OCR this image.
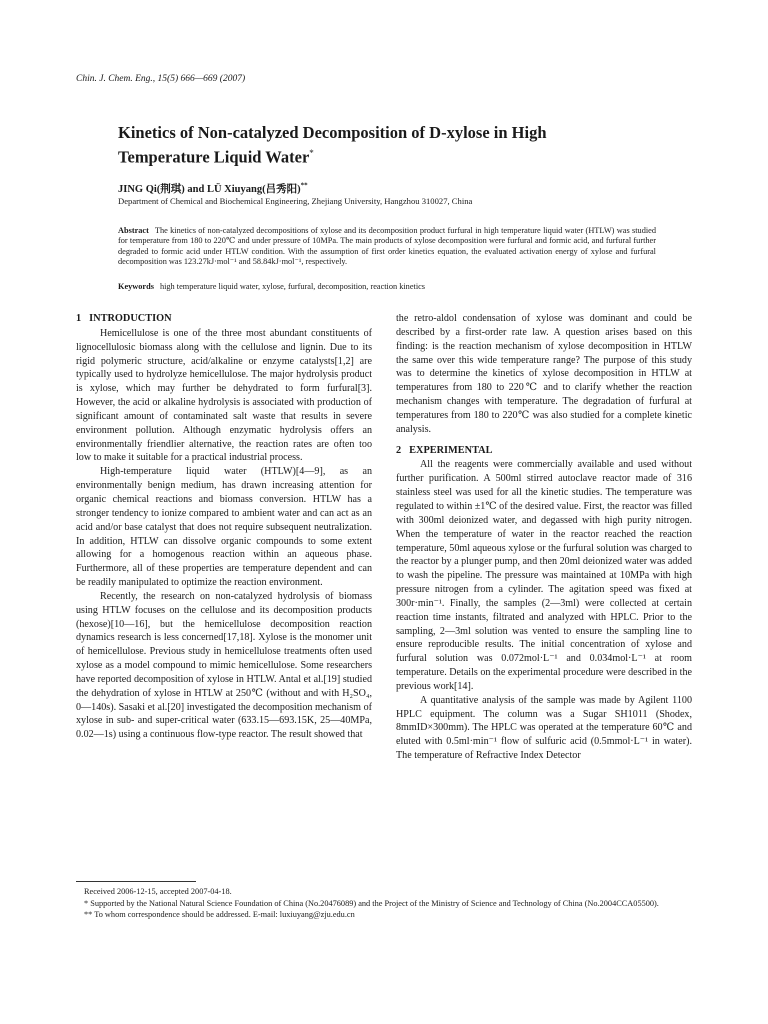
Chin. J. Chem. Eng., 15(5) 666—669 (2007)
Kinetics of Non-catalyzed Decomposition of D-xylose in High Temperature Liquid Water*
JING Qi(荆琪) and LÜ Xiuyang(吕秀阳)**
Department of Chemical and Biochemical Engineering, Zhejiang University, Hangzhou 310027, China

Abstract The kinetics of non-catalyzed decompositions of xylose and its decomposition product furfural in high temperature liquid water (HTLW) was studied for temperature from 180 to 220℃ and under pressure of 10MPa. The main products of xylose decomposition were furfural and formic acid, and furfural further degraded to formic acid under HTLW condition. With the assumption of first order kinetics equation, the evaluated activation energy of xylose and furfural decomposition was 123.27kJ·mol⁻¹ and 58.84kJ·mol⁻¹, respectively.

Keywords high temperature liquid water, xylose, furfural, decomposition, reaction kinetics

1 INTRODUCTION

Hemicellulose is one of the three most abundant constituents of lignocellulosic biomass along with the cellulose and lignin. Due to its rigid polymeric structure, acid/alkaline or enzyme catalysts[1,2] are typically used to hydrolyze hemicellulose. The major hydrolysis product is xylose, which may further be dehydrated to form furfural[3]. However, the acid or alkaline hydrolysis is associated with production of significant amount of contaminated salt waste that results in severe environment pollution. Although enzymatic hydrolysis offers an environmentally friendlier alternative, the reaction rates are often too low to make it suitable for a practical industrial process.

High-temperature liquid water (HTLW)[4—9], as an environmentally benign medium, has drawn increasing attention for organic chemical reactions and biomass conversion. HTLW has a stronger tendency to ionize compared to ambient water and can act as an acid and/or base catalyst that does not require subsequent neutralization. In addition, HTLW can dissolve organic compounds to some extent allowing for a homogenous reaction within an aqueous phase. Furthermore, all of these properties are temperature dependent and can be readily manipulated to optimize the reaction environment.

Recently, the research on non-catalyzed hydrolysis of biomass using HTLW focuses on the cellulose and its decomposition products (hexose)[10—16], but the hemicellulose decomposition reaction dynamics research is less concerned[17,18]. Xylose is the monomer unit of hemicellulose. Previous study in hemicellulose treatments often used xylose as a model compound to mimic hemicellulose. Some researchers have reported decomposition of xylose in HTLW. Antal et al.[19] studied the dehydration of xylose in HTLW at 250℃ (without and with H₂SO₄, 0—140s). Sasaki et al.[20] investigated the decomposition mechanism of xylose in sub- and super-critical water (633.15—693.15K, 25—40MPa, 0.02—1s) using a continuous flow-type reactor. The result showed that

the retro-aldol condensation of xylose was dominant and could be described by a first-order rate law. A question arises based on this finding: is the reaction mechanism of xylose decomposition in HTLW the same over this wide temperature range? The purpose of this study was to determine the kinetics of xylose decomposition in HTLW at temperatures from 180 to 220℃ and to clarify whether the reaction mechanism changes with temperature. The degradation of furfural at temperatures from 180 to 220℃ was also studied for a complete kinetic analysis.

2 EXPERIMENTAL

All the reagents were commercially available and used without further purification. A 500ml stirred autoclave reactor made of 316 stainless steel was used for all the kinetic studies. The temperature was regulated to within ±1℃ of the desired value. First, the reactor was filled with 300ml deionized water, and degassed with high purity nitrogen. When the temperature of water in the reactor reached the reaction temperature, 50ml aqueous xylose or the furfural solution was charged to the reactor by a plunger pump, and then 20ml deionized water was added to wash the pipeline. The pressure was maintained at 10MPa with high pressure nitrogen from a cylinder. The agitation speed was fixed at 300r·min⁻¹. Finally, the samples (2—3ml) were collected at certain reaction time instants, filtrated and analyzed with HPLC. Prior to the sampling, 2—3ml solution was vented to ensure the sampling line to ensure reproducible results. The initial concentration of xylose and furfural solution was 0.072mol·L⁻¹ and 0.034mol·L⁻¹ at room temperature. Details on the experimental procedure were described in the previous work[14].

A quantitative analysis of the sample was made by Agilent 1100 HPLC equipment. The column was a Sugar SH1011 (Shodex, 8mmID×300mm). The HPLC was operated at the temperature 60℃ and eluted with 0.5ml·min⁻¹ flow of sulfuric acid (0.5mmol·L⁻¹ in water). The temperature of Refractive Index Detector

Received 2006-12-15, accepted 2007-04-18.
* Supported by the National Natural Science Foundation of China (No.20476089) and the Project of the Ministry of Science and Technology of China (No.2004CCA05500).
** To whom correspondence should be addressed. E-mail: luxiuyang@zju.edu.cn
